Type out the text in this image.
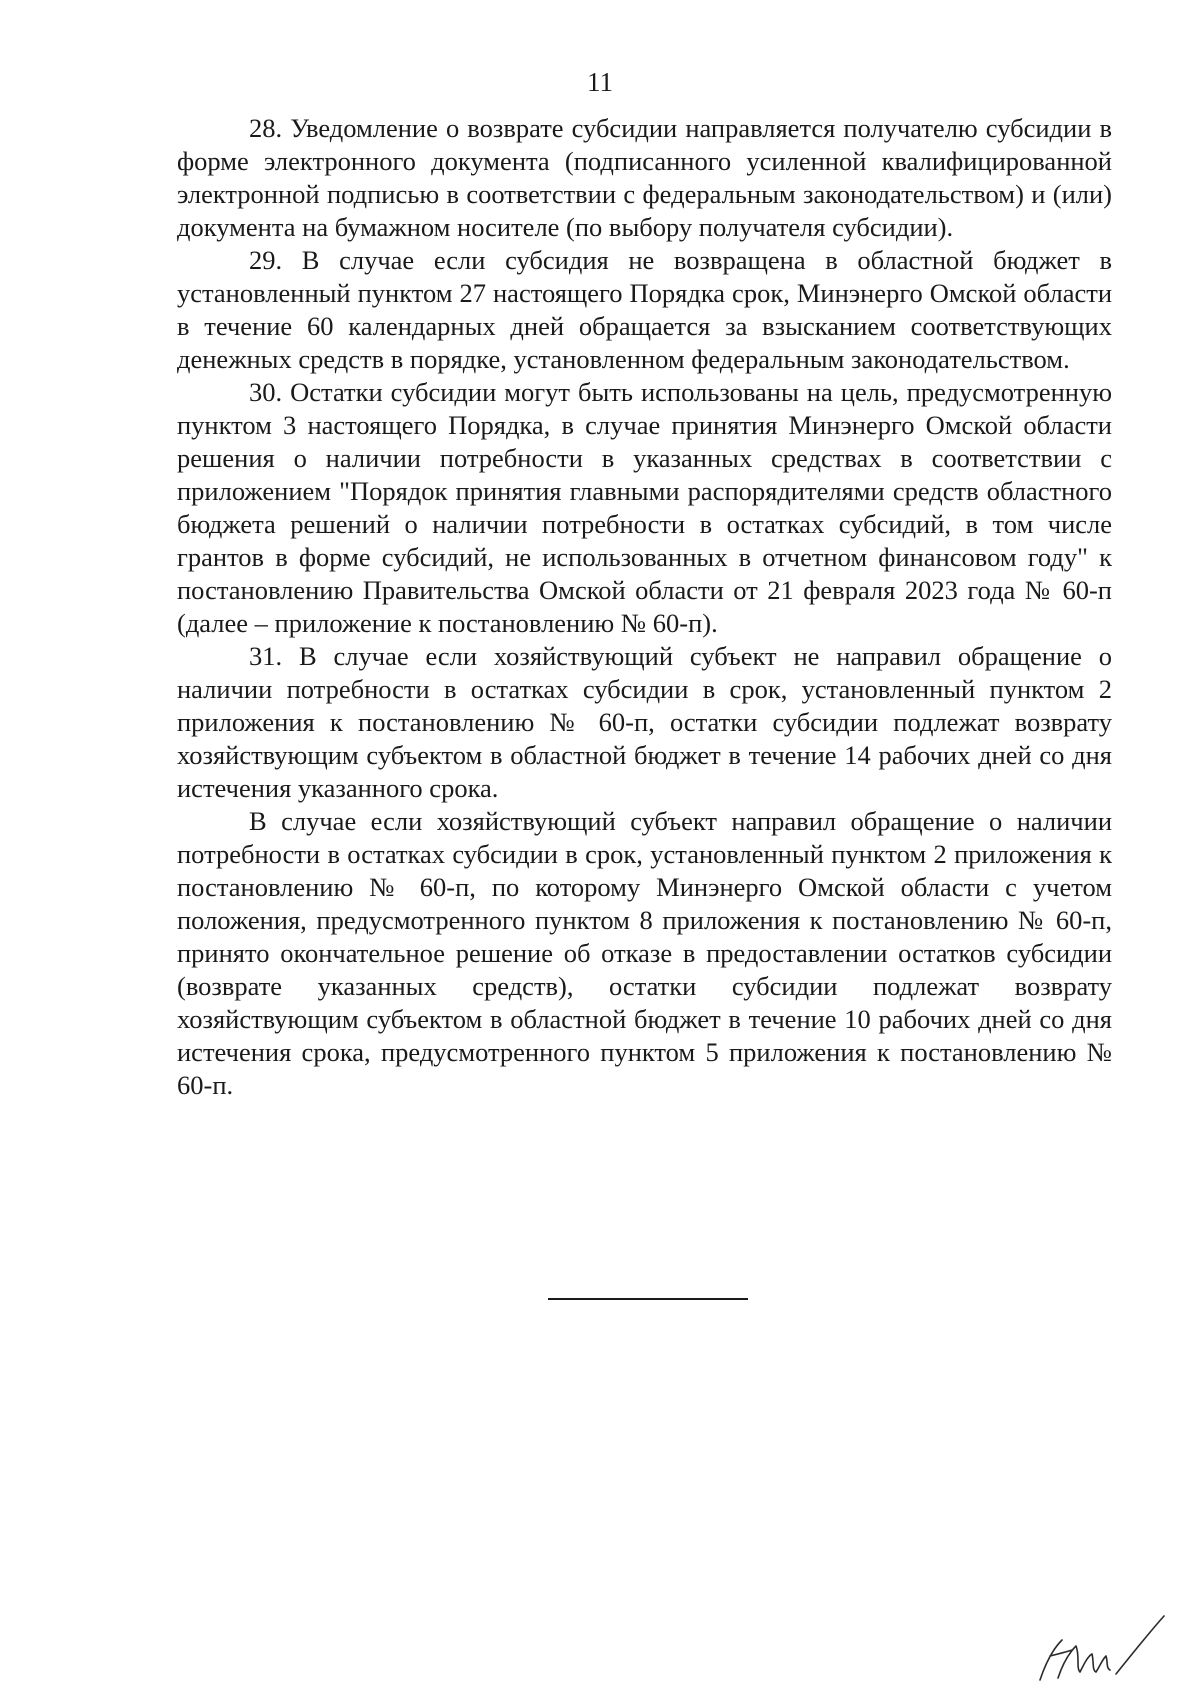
11

28. Уведомление о возврате субсидии направляется получателю субсидии в форме электронного документа (подписанного усиленной квалифицированной электронной подписью в соответствии с федеральным законодательством) и (или) документа на бумажном носителе (по выбору получателя субсидии).

29. В случае если субсидия не возвращена в областной бюджет в установленный пунктом 27 настоящего Порядка срок, Минэнерго Омской области в течение 60 календарных дней обращается за взысканием соответствующих денежных средств в порядке, установленном федеральным законодательством.

30. Остатки субсидии могут быть использованы на цель, предусмотренную пунктом 3 настоящего Порядка, в случае принятия Минэнерго Омской области решения о наличии потребности в указанных средствах в соответствии с приложением "Порядок принятия главными распорядителями средств областного бюджета решений о наличии потребности в остатках субсидий, в том числе грантов в форме субсидий, не использованных в отчетном финансовом году" к постановлению Правительства Омской области от 21 февраля 2023 года № 60-п (далее – приложение к постановлению № 60-п).

31. В случае если хозяйствующий субъект не направил обращение о наличии потребности в остатках субсидии в срок, установленный пунктом 2 приложения к постановлению № 60-п, остатки субсидии подлежат возврату хозяйствующим субъектом в областной бюджет в течение 14 рабочих дней со дня истечения указанного срока.

В случае если хозяйствующий субъект направил обращение о наличии потребности в остатках субсидии в срок, установленный пунктом 2 приложения к постановлению № 60-п, по которому Минэнерго Омской области с учетом положения, предусмотренного пунктом 8 приложения к постановлению № 60-п, принято окончательное решение об отказе в предоставлении остатков субсидии (возврате указанных средств), остатки субсидии подлежат возврату хозяйствующим субъектом в областной бюджет в течение 10 рабочих дней со дня истечения срока, предусмотренного пунктом 5 приложения к постановлению № 60-п.
